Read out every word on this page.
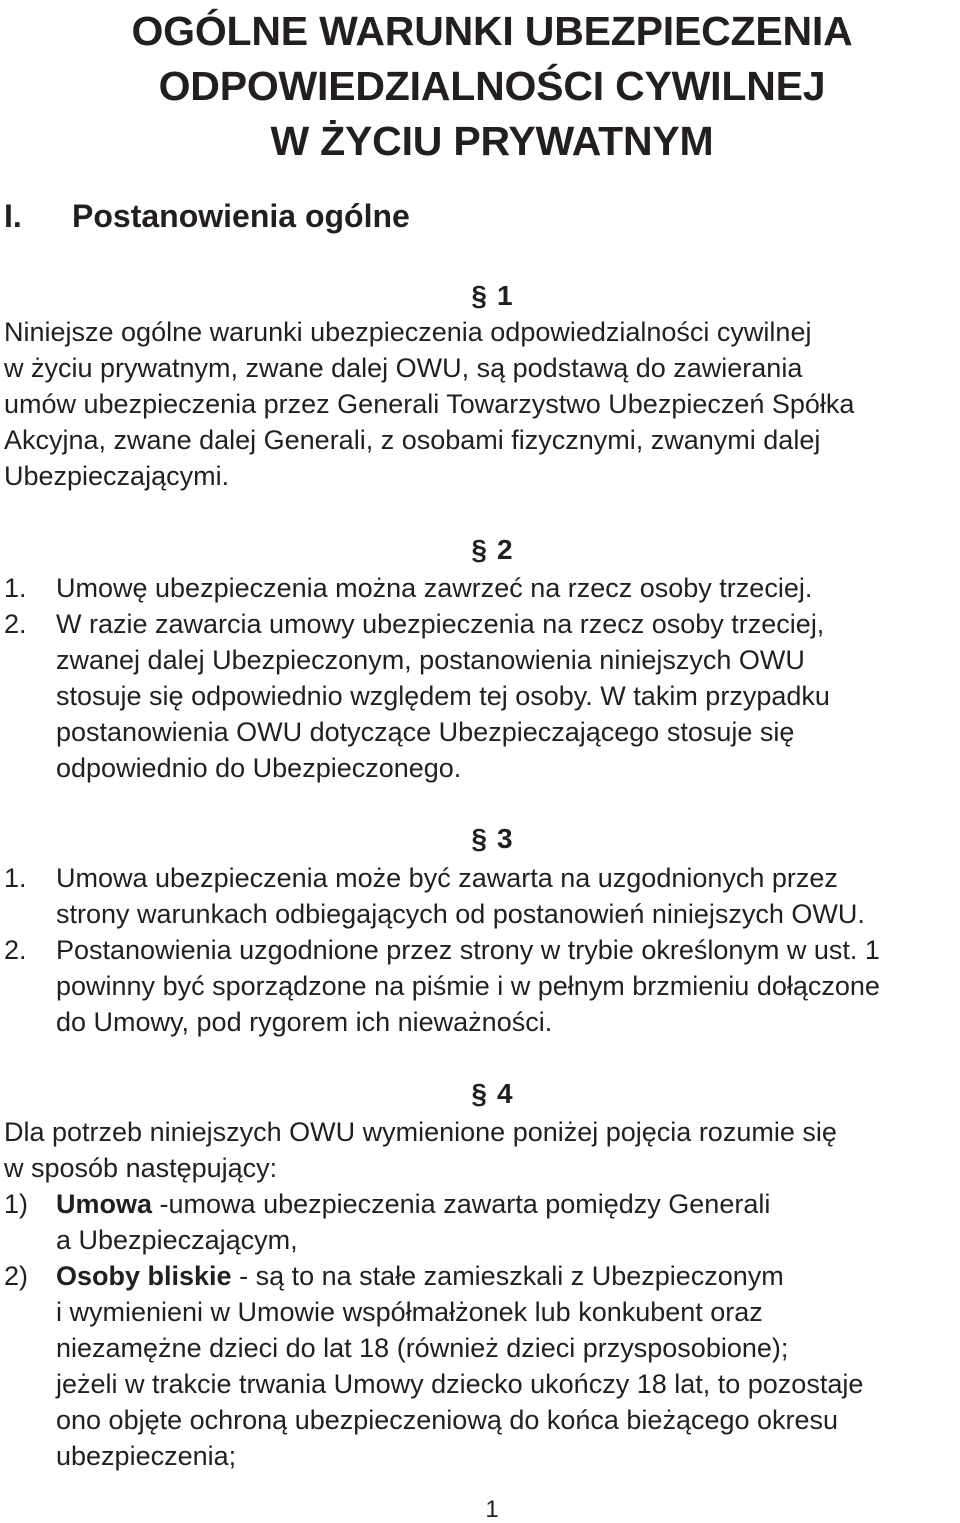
OGÓLNE WARUNKI UBEZPIECZENIA
ODPOWIEDZIALNOŚCI CYWILNEJ
W ŻYCIU PRYWATNYM
I. Postanowienia ogólne
§ 1
Niniejsze ogólne warunki ubezpieczenia odpowiedzialności cywilnej
w życiu prywatnym, zwane dalej OWU, są podstawą do zawierania
umów ubezpieczenia przez Generali Towarzystwo Ubezpieczeń Spółka
Akcyjna, zwane dalej Generali, z osobami fizycznymi, zwanymi dalej
Ubezpieczającymi.
§ 2
1. Umowę ubezpieczenia można zawrzeć na rzecz osoby trzeciej.
2. W razie zawarcia umowy ubezpieczenia na rzecz osoby trzeciej,
zwanej dalej Ubezpieczonym, postanowienia niniejszych OWU
stosuje się odpowiednio względem tej osoby. W takim przypadku
postanowienia OWU dotyczące Ubezpieczającego stosuje się
odpowiednio do Ubezpieczonego.
§ 3
1. Umowa ubezpieczenia może być zawarta na uzgodnionych przez
strony warunkach odbiegających od postanowień niniejszych OWU.
2. Postanowienia uzgodnione przez strony w trybie określonym w ust. 1
powinny być sporządzone na piśmie i w pełnym brzmieniu dołączone
do Umowy, pod rygorem ich nieważności.
§ 4
Dla potrzeb niniejszych OWU wymienione poniżej pojęcia rozumie się
w sposób następujący:
1) Umowa -umowa ubezpieczenia zawarta pomiędzy Generali
a Ubezpieczającym,
2) Osoby bliskie - są to na stałe zamieszkali z Ubezpieczonym
i wymienieni w Umowie współmałżonek lub konkubent oraz
niezamężne dzieci do lat 18 (również dzieci przysposobione);
jeżeli w trakcie trwania Umowy dziecko ukończy 18 lat, to pozostaje
ono objęte ochroną ubezpieczeniową do końca bieżącego okresu
ubezpieczenia;
1
